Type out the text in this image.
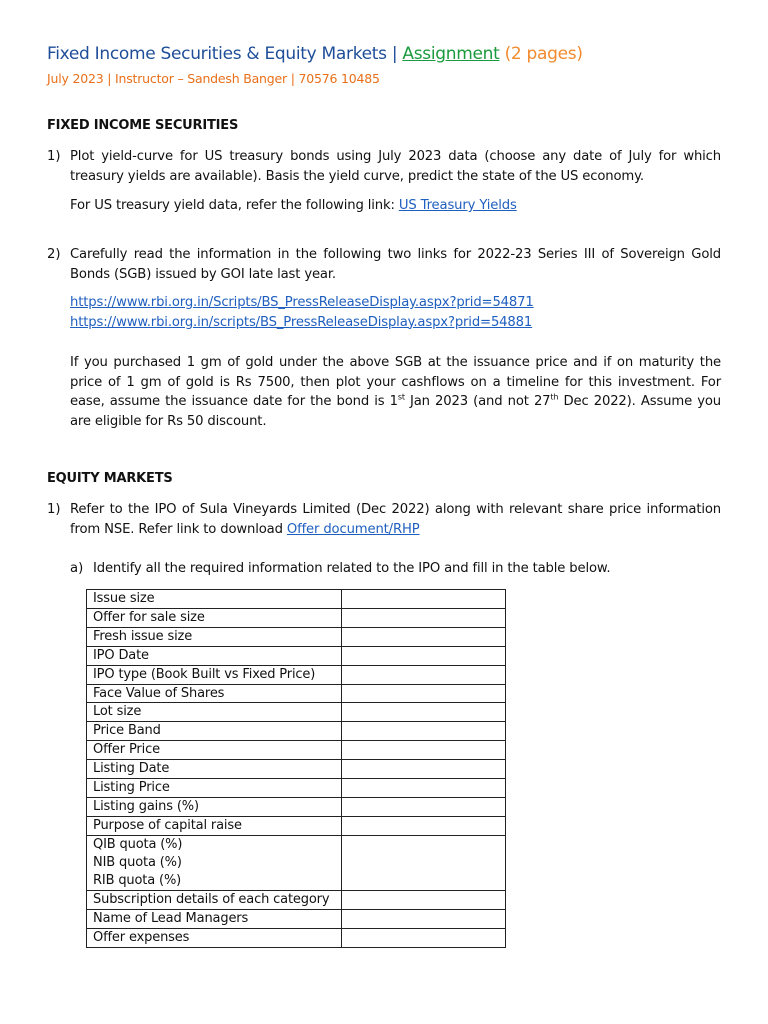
Fixed Income Securities & Equity Markets | Assignment (2 pages)
July 2023 | Instructor – Sandesh Banger | 70576 10485
FIXED INCOME SECURITIES
1) Plot yield-curve for US treasury bonds using July 2023 data (choose any date of July for which treasury yields are available). Basis the yield curve, predict the state of the US economy.
For US treasury yield data, refer the following link: US Treasury Yields
2) Carefully read the information in the following two links for 2022-23 Series III of Sovereign Gold Bonds (SGB) issued by GOI late last year.
https://www.rbi.org.in/Scripts/BS_PressReleaseDisplay.aspx?prid=54871
https://www.rbi.org.in/scripts/BS_PressReleaseDisplay.aspx?prid=54881
If you purchased 1 gm of gold under the above SGB at the issuance price and if on maturity the price of 1 gm of gold is Rs 7500, then plot your cashflows on a timeline for this investment. For ease, assume the issuance date for the bond is 1st Jan 2023 (and not 27th Dec 2022). Assume you are eligible for Rs 50 discount.
EQUITY MARKETS
1) Refer to the IPO of Sula Vineyards Limited (Dec 2022) along with relevant share price information from NSE. Refer link to download Offer document/RHP
a) Identify all the required information related to the IPO and fill in the table below.
Issue size	
Offer for sale size	
Fresh issue size	
IPO Date	
IPO type (Book Built vs Fixed Price)	
Face Value of Shares	
Lot size	
Price Band	
Offer Price	
Listing Date	
Listing Price	
Listing gains (%)	
Purpose of capital raise	

QIB quota (%)
NIB quota (%)
RIB quota (%)	

Subscription details of each category	
Name of Lead Managers	
Offer expenses	
